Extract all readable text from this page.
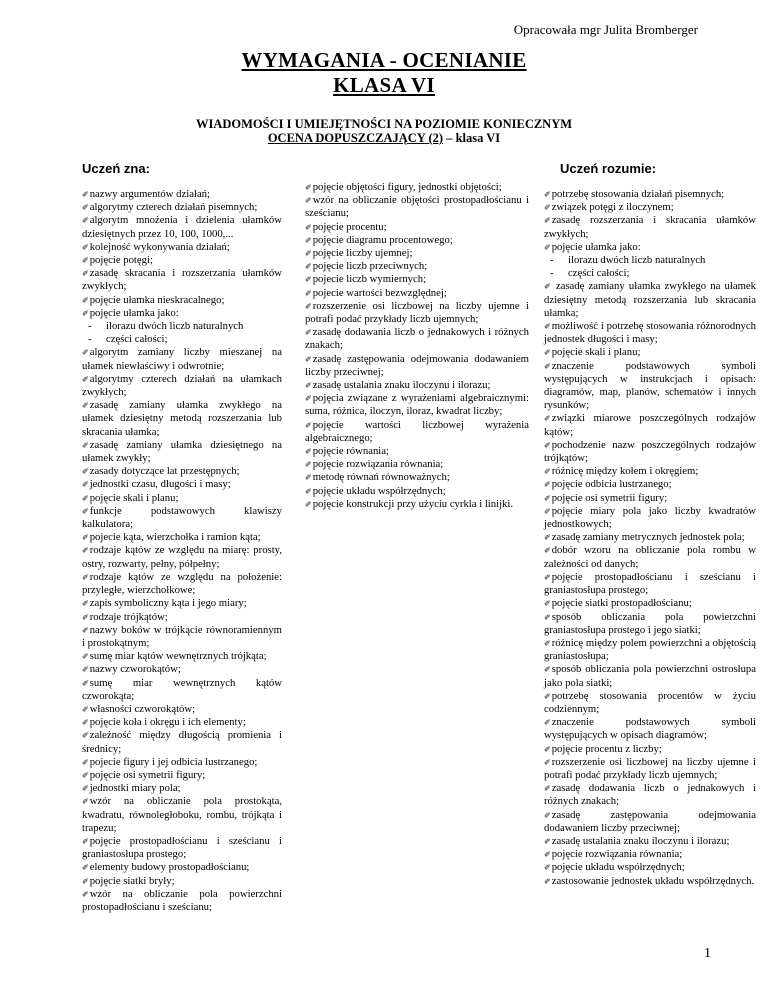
Opracowała mgr Julita Bromberger
WYMAGANIA - OCENIANIE
KLASA VI
WIADOMOŚCI I UMIEJĘTNOŚCI NA POZIOMIE KONIECZNYM
OCENA DOPUSZCZAJĄCY (2) – klasa VI
Uczeń zna:	Uczeń rozumie:
✐nazwy argumentów działań;
✐algorytmy czterech działań pisemnych;
✐algorytm mnożenia i dzielenia ułamków dziesiętnych przez 10, 100, 1000,...
✐kolejność wykonywania działań;
✐pojęcie potęgi;
✐zasadę skracania i rozszerzania ułamków zwykłych;
✐pojęcie ułamka nieskracalnego;
✐pojęcie ułamka jako:
- ilorazu dwóch liczb naturalnych
- części całości;
✐algorytm zamiany liczby mieszanej na ułamek niewłaściwy i odwrotnie;
✐algorytmy czterech działań na ułamkach zwykłych;
✐zasadę zamiany ułamka zwykłego na ułamek dziesiętny metodą rozszerzania lub skracania ułamka;
✐zasadę zamiany ułamka dziesiętnego na ułamek zwykły;
✐zasady dotyczące lat przestępnych;
✐jednostki czasu, długości i masy;
✐pojęcie skali i planu;
✐funkcje podstawowych klawiszy kalkulatora;
✐pojecie kąta, wierzchołka i ramion kąta;
✐rodzaje kątów ze względu na miarę: prosty, ostry, rozwarty, pełny, półpełny;
✐rodzaje kątów ze względu na położenie: przyległe, wierzchołkowe;
✐zapis symboliczny kąta i jego miary;
✐rodzaje trójkątów;
✐nazwy boków w trójkącie równoramiennym i prostokątnym;
✐sumę miar kątów wewnętrznych trójkąta;
✐nazwy czworokątów;
✐sumę miar wewnętrznych kątów czworokąta;
✐własności czworokątów;
✐pojęcie koła i okręgu i ich elementy;
✐zależność między długością promienia i średnicy;
✐pojecie figury i jej odbicia lustrzanego;
✐pojęcie osi symetrii figury;
✐jednostki miary pola;
✐wzór na obliczanie pola prostokąta, kwadratu, równoległoboku, rombu, trójkąta i trapezu;
✐pojęcie prostopadłościanu i sześcianu i graniastosłupa prostego;
✐elementy budowy prostopadłościanu;
✐pojęcie siatki bryły;
✐wzór na obliczanie pola powierzchni prostopadłościanu i sześcianu;
✐pojęcie objętości figury, jednostki objętości;
✐wzór na obliczanie objętości prostopadłościanu i sześcianu;
✐pojęcie procentu;
✐pojęcie diagramu procentowego;
✐pojęcie liczby ujemnej;
✐pojęcie liczb przeciwnych;
✐pojecie liczb wymiernych;
✐pojecie wartości bezwzględnej;
✐rozszerzenie osi liczbowej na liczby ujemne i potrafi podać przykłady liczb ujemnych;
✐zasadę dodawania liczb o jednakowych i różnych znakach;
✐zasadę zastępowania odejmowania dodawaniem liczby przeciwnej;
✐zasadę ustalania znaku iloczynu i ilorazu;
✐pojęcia związane z wyrażeniami algebraicznymi: suma, różnica, iloczyn, iloraz, kwadrat liczby;
✐pojęcie wartości liczbowej wyrażenia algebraicznego;
✐pojęcie równania;
✐pojęcie rozwiązania równania;
✐metodę równań równoważnych;
✐pojęcie układu współrzędnych;
✐pojęcie konstrukcji przy użyciu cyrkla i linijki.
✐potrzebę stosowania działań pisemnych;
✐związek potęgi z iloczynem;
✐zasadę rozszerzania i skracania ułamków zwykłych;
✐pojęcie ułamka jako:
- ilorazu dwóch liczb naturalnych
- części całości;
✐ zasadę zamiany ułamka zwykłego na ułamek dziesiętny metodą rozszerzania lub skracania ułamka;
✐możliwość i potrzebę stosowania różnorodnych jednostek długości i masy;
✐pojęcie skali i planu;
✐znaczenie podstawowych symboli występujących w instrukcjach i opisach: diagramów, map, planów, schematów i innych rysunków;
✐związki miarowe poszczególnych rodzajów kątów;
✐pochodzenie nazw poszczególnych rodzajów trójkątów;
✐różnicę między kołem i okręgiem;
✐pojęcie odbicia lustrzanego;
✐pojęcie osi symetrii figury;
✐pojęcie miary pola jako liczby kwadratów jednostkowych;
✐zasadę zamiany metrycznych jednostek pola;
✐dobór wzoru na obliczanie pola rombu w zależności od danych;
✐pojęcie prostopadłościanu i sześcianu i graniastosłupa prostego;
✐pojęcie siatki prostopadłościanu;
✐sposób obliczania pola powierzchni graniastosłupa prostego i jego siatki;
✐różnicę między polem powierzchni a objętością graniastosłupa;
✐sposób obliczania pola powierzchni ostrosłupa jako pola siatki;
✐potrzebę stosowania procentów w życiu codziennym;
✐znaczenie podstawowych symboli występujących w opisach diagramów;
✐pojęcie procentu z liczby;
✐rozszerzenie osi liczbowej na liczby ujemne i potrafi podać przykłady liczb ujemnych;
✐zasadę dodawania liczb o jednakowych i różnych znakach;
✐zasadę zastępowania odejmowania dodawaniem liczby przeciwnej;
✐zasadę ustalania znaku iloczynu i ilorazu;
✐pojęcie rozwiązania równania;
✐pojęcie układu współrzędnych;
✐zastosowanie jednostek układu współrzędnych.
1
